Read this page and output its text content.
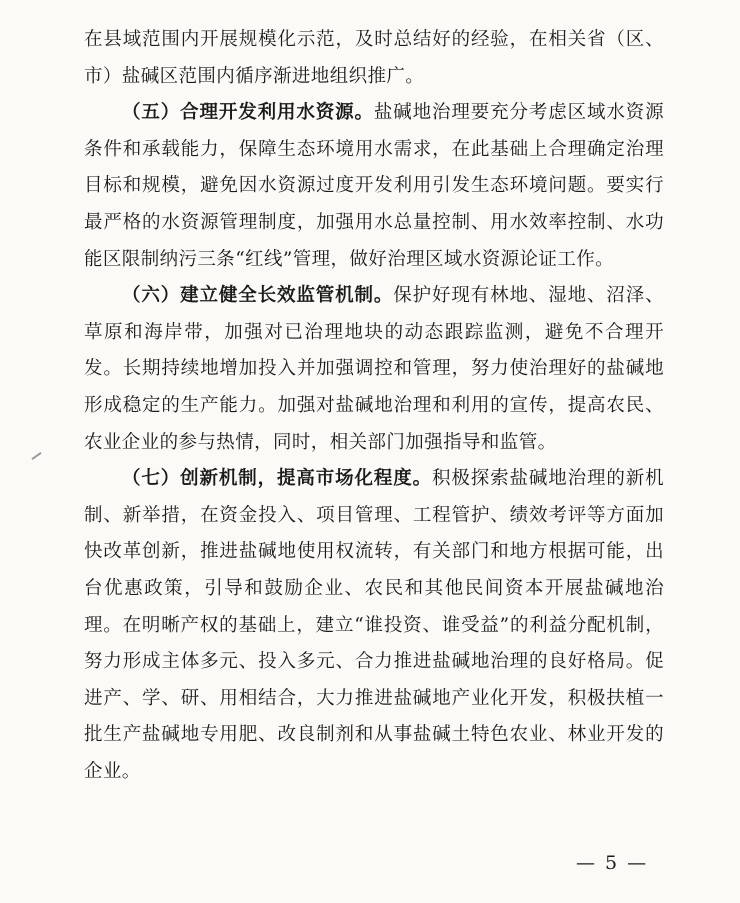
在县域范围内开展规模化示范，及时总结好的经验，在相关省（区、市）盐碱区范围内循序渐进地组织推广。

（五）合理开发利用水资源。盐碱地治理要充分考虑区域水资源条件和承载能力，保障生态环境用水需求，在此基础上合理确定治理目标和规模，避免因水资源过度开发利用引发生态环境问题。要实行最严格的水资源管理制度，加强用水总量控制、用水效率控制、水功能区限制纳污三条“红线”管理，做好治理区域水资源论证工作。

（六）建立健全长效监管机制。保护好现有林地、湿地、沼泽、草原和海岸带，加强对已治理地块的动态跟踪监测，避免不合理开发。长期持续地增加投入并加强调控和管理，努力使治理好的盐碱地形成稳定的生产能力。加强对盐碱地治理和利用的宣传，提高农民、农业企业的参与热情，同时，相关部门加强指导和监管。

（七）创新机制，提高市场化程度。积极探索盐碱地治理的新机制、新举措，在资金投入、项目管理、工程管护、绩效考评等方面加快改革创新，推进盐碱地使用权流转，有关部门和地方根据可能，出台优惠政策，引导和鼓励企业、农民和其他民间资本开展盐碱地治理。在明晰产权的基础上，建立“谁投资、谁受益”的利益分配机制，努力形成主体多元、投入多元、合力推进盐碱地治理的良好格局。促进产、学、研、用相结合，大力推进盐碱地产业化开发，积极扶植一批生产盐碱地专用肥、改良制剂和从事盐碱土特色农业、林业开发的企业。

— 5 —
